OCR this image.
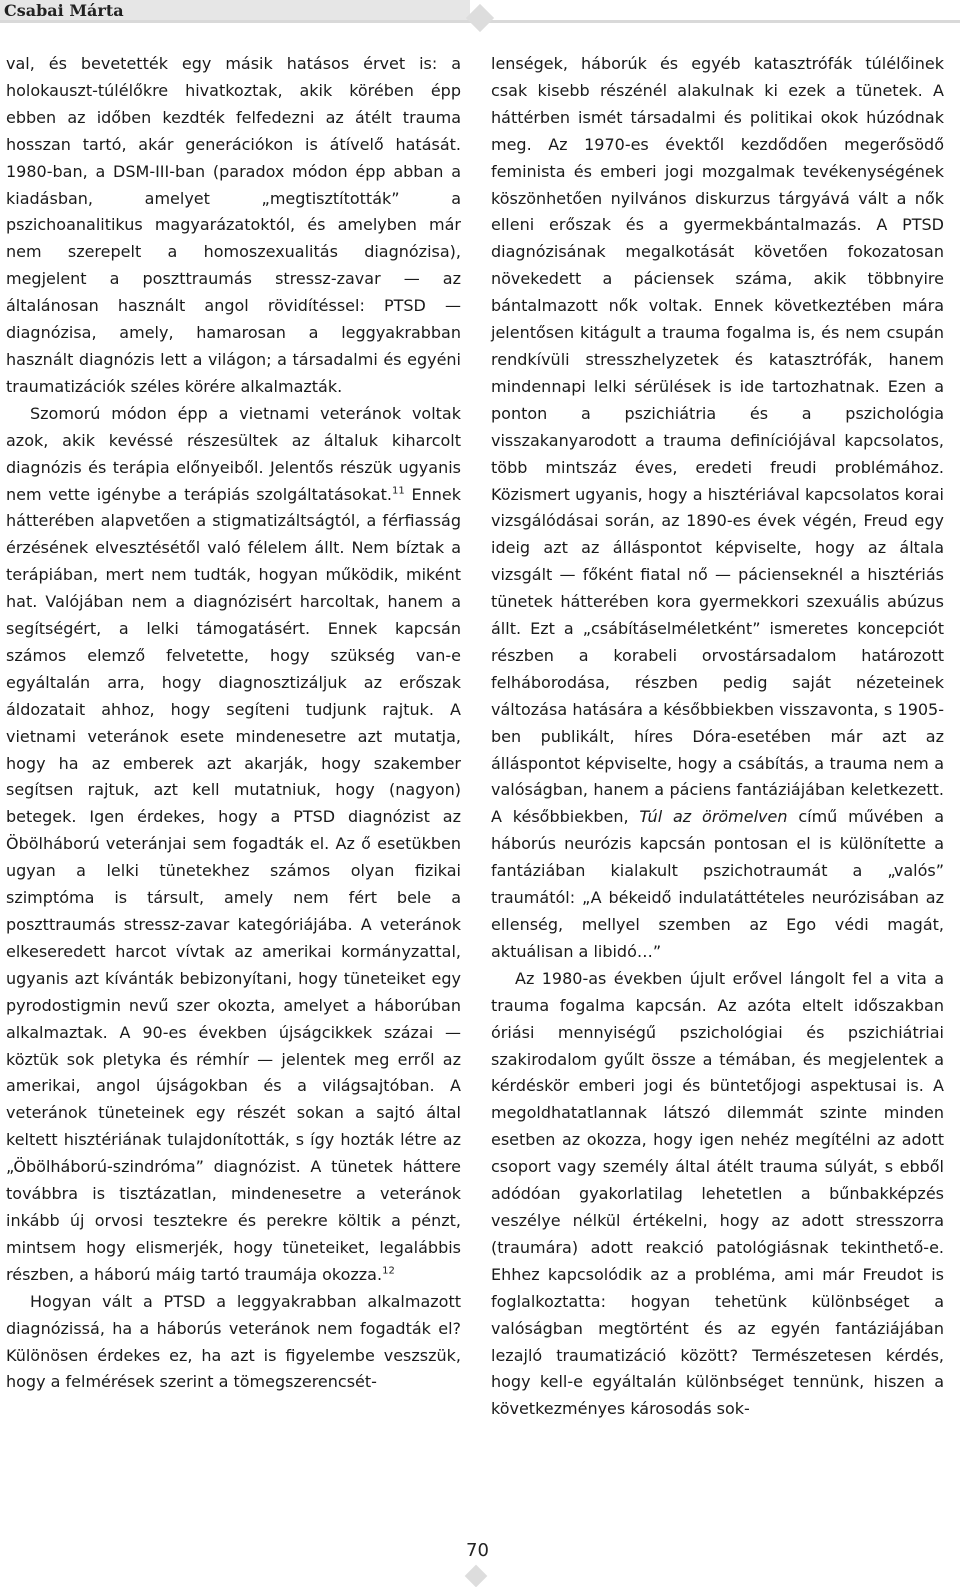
Csabai Márta

val, és bevetették egy másik hatásos érvet is: a holokauszt-túlélőkre hivatkoztak, akik körében épp ebben az időben kezdték felfedezni az átélt trauma hosszan tartó, akár generációkon is átívelő hatását. 1980-ban, a DSM-III-ban (paradox módon épp abban a kiadásban, amelyet „megtisztították” a pszichoanalitikus magyarázatoktól, és amelyben már nem szerepelt a homoszexualitás diagnózisa), megjelent a poszttraumás stressz-zavar — az általánosan használt angol rövidítéssel: PTSD — diagnózisa, amely, hamarosan a leggyakrabban használt diagnózis lett a világon; a társadalmi és egyéni traumatizációk széles körére alkalmazták.

Szomorú módon épp a vietnami veteránok voltak azok, akik kevéssé részesültek az általuk kiharcolt diagnózis és terápia előnyeiből. Jelentős részük ugyanis nem vette igénybe a terápiás szolgáltatásokat.$^{11}$ Ennek hátterében alapvetően a stigmatizáltságtól, a férfiasság érzésének elvesztésétől való félelem állt. Nem bíztak a terápiában, mert nem tudták, hogyan működik, miként hat. Valójában nem a diagnózisért harcoltak, hanem a segítségért, a lelki támogatásért. Ennek kapcsán számos elemző felvetette, hogy szükség van-e egyáltalán arra, hogy diagnosztizáljuk az erőszak áldozatait ahhoz, hogy segíteni tudjunk rajtuk. A vietnami veteránok esete mindenesetre azt mutatja, hogy ha az emberek azt akarják, hogy szakember segítsen rajtuk, azt kell mutatniuk, hogy (nagyon) betegek. Igen érdekes, hogy a PTSD diagnózist az Öbölháború veteránjai sem fogadták el. Az ő esetükben ugyan a lelki tünetekhez számos olyan fizikai szimptóma is társult, amely nem fért bele a poszttraumás stressz-zavar kategóriájába. A veteránok elkeseredett harcot vívtak az amerikai kormányzattal, ugyanis azt kívánták bebizonyítani, hogy tüneteiket egy pyrodostigmin nevű szer okozta, amelyet a háborúban alkalmaztak. A 90-es években újságcikkek százai — köztük sok pletyka és rémhír — jelentek meg erről az amerikai, angol újságokban és a világsajtóban. A veteránok tüneteinek egy részét sokan a sajtó által keltett hisztériának tulajdonították, s így hozták létre az „Öbölháború-szindróma” diagnózist. A tünetek háttere továbbra is tisztázatlan, mindenesetre a veteránok inkább új orvosi tesztekre és perekre költik a pénzt, mintsem hogy elismerjék, hogy tüneteiket, legalábbis részben, a háború máig tartó traumája okozza.$^{12}$

Hogyan vált a PTSD a leggyakrabban alkalmazott diagnózissá, ha a háborús veteránok nem fogadták el? Különösen érdekes ez, ha azt is figyelembe veszszük, hogy a felmérések szerint a tömegszerencsét-

lenségek, háborúk és egyéb katasztrófák túlélőinek csak kisebb részénél alakulnak ki ezek a tünetek. A háttérben ismét társadalmi és politikai okok húzódnak meg. Az 1970-es évektől kezdődően megerősödő feminista és emberi jogi mozgalmak tevékenységének köszönhetően nyilvános diskurzus tárgyává vált a nők elleni erőszak és a gyermekbántalmazás. A PTSD diagnózisának megalkotását követően fokozatosan növekedett a páciensek száma, akik többnyire bántalmazott nők voltak. Ennek következtében mára jelentősen kitágult a trauma fogalma is, és nem csupán rendkívüli stresszhelyzetek és katasztrófák, hanem mindennapi lelki sérülések is ide tartozhatnak. Ezen a ponton a pszichiátria és a pszichológia visszakanyarodott a trauma definíciójával kapcsolatos, több mintszáz éves, eredeti freudi problémához. Közismert ugyanis, hogy a hisztériával kapcsolatos korai vizsgálódásai során, az 1890-es évek végén, Freud egy ideig azt az álláspontot képviselte, hogy az általa vizsgált — főként fiatal nő — pácienseknél a hisztériás tünetek hátterében kora gyermekkori szexuális abúzus állt. Ezt a „csábításelméletként” ismeretes koncepciót részben a korabeli orvostársadalom határozott felháborodása, részben pedig saját nézeteinek változása hatására a későbbiekben visszavonta, s 1905-ben publikált, híres Dóra-esetében már azt az álláspontot képviselte, hogy a csábítás, a trauma nem a valóságban, hanem a páciens fantáziájában keletkezett. A későbbiekben, Túl az örömelven című művében a háborús neurózis kapcsán pontosan el is különítette a fantáziában kialakult pszichotraumát a „valós” traumától: „A békeidő indulatáttételes neurózisában az ellenség, mellyel szemben az Ego védi magát, aktuálisan a libidó…”

Az 1980-as években újult erővel lángolt fel a vita a trauma fogalma kapcsán. Az azóta eltelt időszakban óriási mennyiségű pszichológiai és pszichiátriai szakirodalom gyűlt össze a témában, és megjelentek a kérdéskör emberi jogi és büntetőjogi aspektusai is. A megoldhatatlannak látszó dilemmát szinte minden esetben az okozza, hogy igen nehéz megítélni az adott csoport vagy személy által átélt trauma súlyát, s ebből adódóan gyakorlatilag lehetetlen a bűnbakképzés veszélye nélkül értékelni, hogy az adott stresszorra (traumára) adott reakció patológiásnak tekinthető-e. Ehhez kapcsolódik az a probléma, ami már Freudot is foglalkoztatta: hogyan tehetünk különbséget a valóságban megtörtént és az egyén fantáziájában lezajló traumatizáció között? Természetesen kérdés, hogy kell-e egyáltalán különbséget tennünk, hiszen a következményes károsodás sok-

70
